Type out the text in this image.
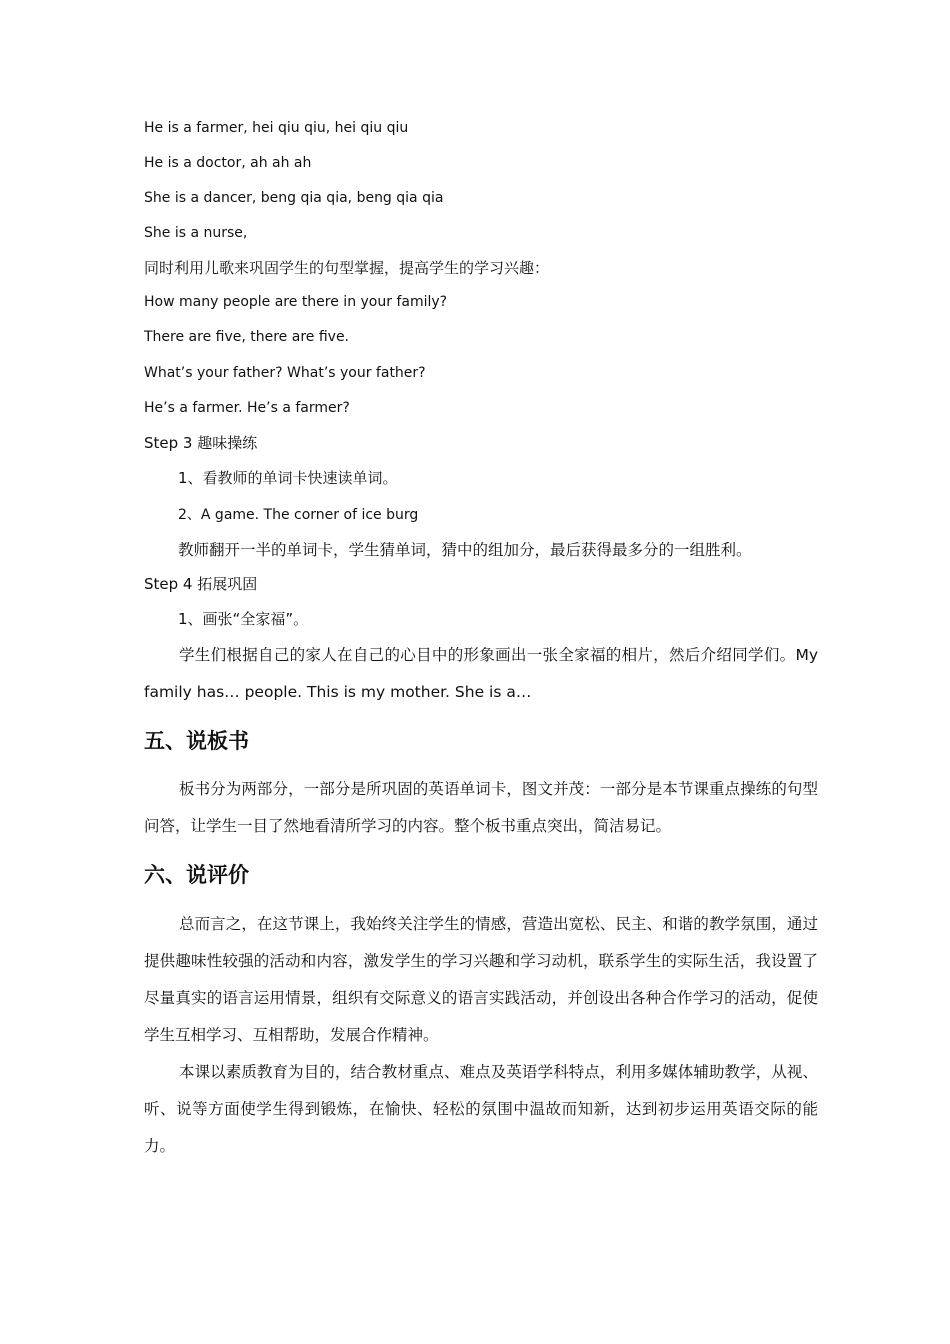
He is a farmer, hei qiu qiu, hei qiu qiu
He is a doctor, ah ah ah
She is a dancer, beng qia qia, beng qia qia
She is a nurse,
同时利用儿歌来巩固学生的句型掌握，提高学生的学习兴趣：
How many people are there in your family?
There are five, there are five.
What’s your father? What’s your father?
He’s a farmer. He’s a farmer?
Step 3 趣味操练
1、看教师的单词卡快速读单词。
2、A game. The corner of ice burg
教师翻开一半的单词卡，学生猜单词，猜中的组加分，最后获得最多分的一组胜利。
Step 4 拓展巩固
1、画张“全家福”。
学生们根据自己的家人在自己的心目中的形象画出一张全家福的相片，然后介绍同学们。My family has… people. This is my mother. She is a…
五、说板书
板书分为两部分，一部分是所巩固的英语单词卡，图文并茂：一部分是本节课重点操练的句型问答，让学生一目了然地看清所学习的内容。整个板书重点突出，简洁易记。
六、说评价
总而言之，在这节课上，我始终关注学生的情感，营造出宽松、民主、和谐的教学氛围，通过提供趣味性较强的活动和内容，激发学生的学习兴趣和学习动机，联系学生的实际生活，我设置了尽量真实的语言运用情景，组织有交际意义的语言实践活动，并创设出各种合作学习的活动，促使学生互相学习、互相帮助，发展合作精神。
本课以素质教育为目的，结合教材重点、难点及英语学科特点，利用多媒体辅助教学，从视、听、说等方面使学生得到锻炼，在愉快、轻松的氛围中温故而知新，达到初步运用英语交际的能力。
